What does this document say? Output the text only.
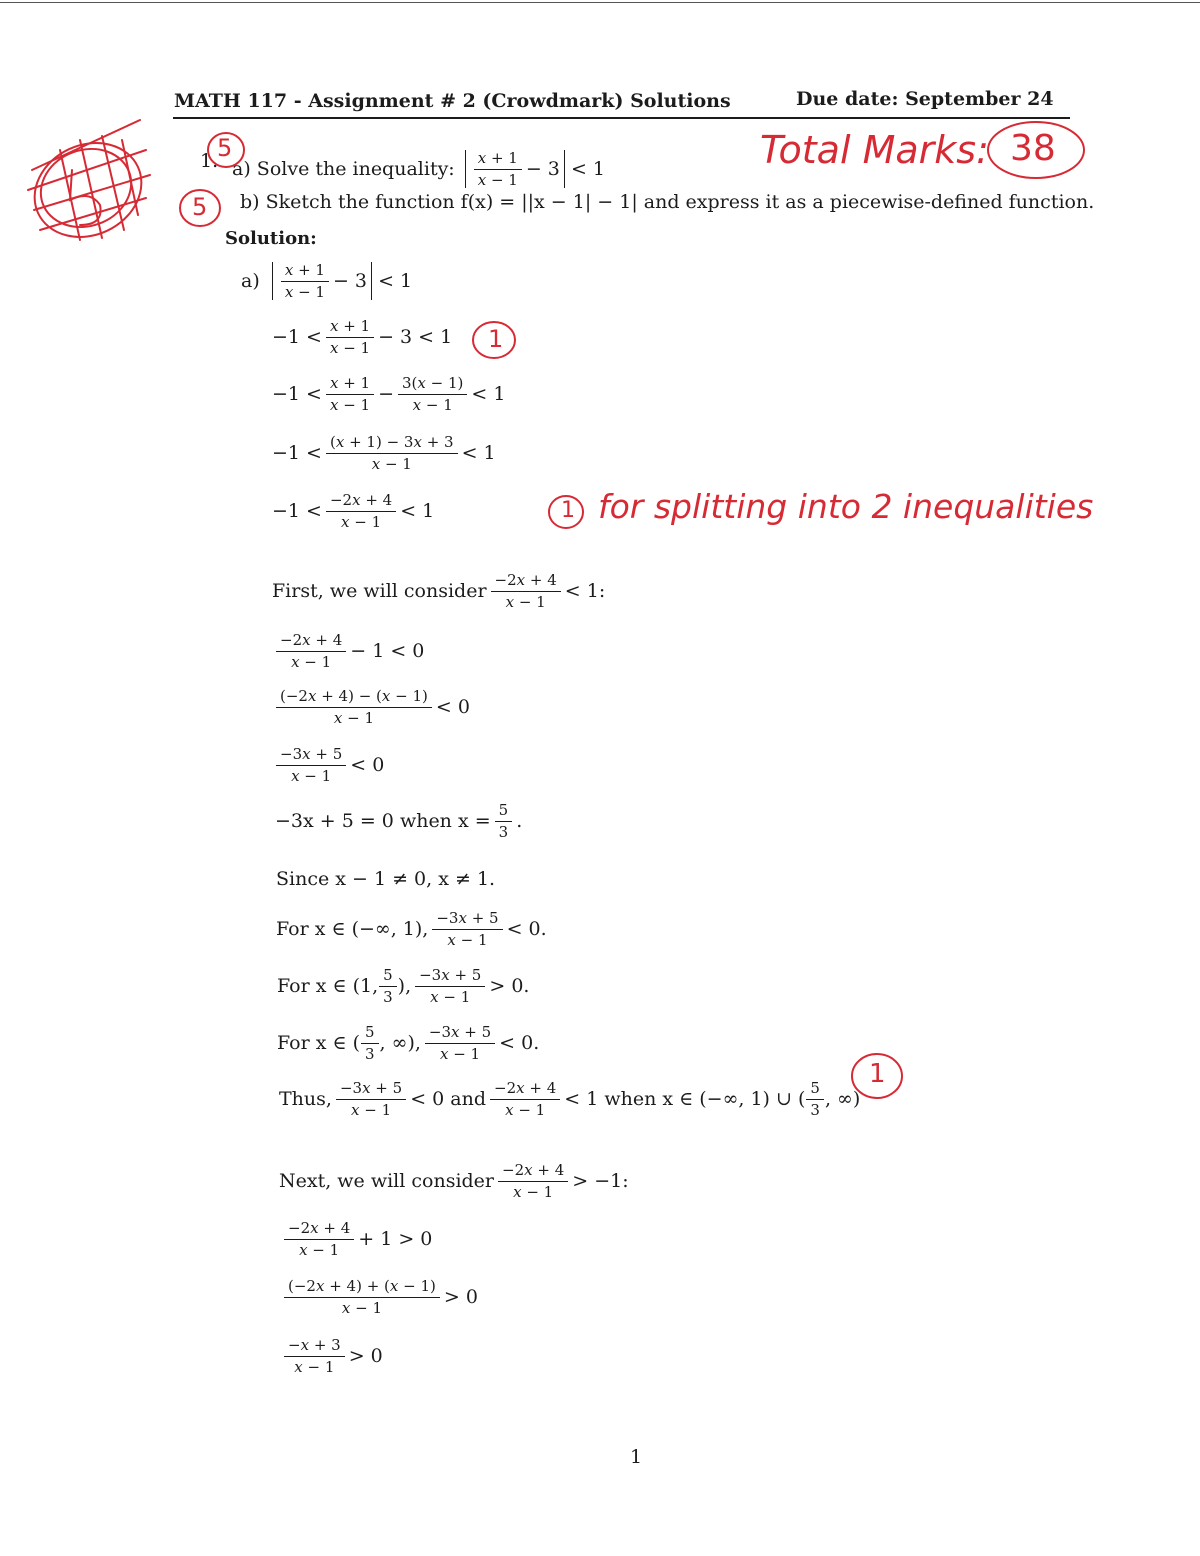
MATH 117 - Assignment # 2 (Crowdmark) Solutions	Due date: September 24
1. a)
Solve the inequality: $\frac{x + 1}{x - 1} - 3 < 1$
b) Sketch the function f(x) = ||x − 1| − 1| and express it as a piecewise-defined function.
Solution:
a)
$\frac{x + 1}{x - 1} - 3 < 1$
$-1 < \frac{x + 1}{x - 1} - 3 < 1$
$-1 < \frac{x + 1}{x - 1} - \frac{3(x - 1)}{x - 1} < 1$
$-1 < \frac{(x + 1) - 3x + 3}{x - 1} < 1$
$-1 < \frac{-2x + 4}{x - 1} < 1$
First, we will consider $\frac{-2x + 4}{x - 1} < 1$:
$\frac{-2x + 4}{x - 1} - 1 < 0$
$\frac{(-2x + 4) - (x - 1)}{x - 1} < 0$
$\frac{-3x + 5}{x - 1} < 0$
−3x + 5 = 0 when $x = \frac{5}{3}$ .
Since x − 1 ≠ 0, x ≠ 1.
For x ∈ (−∞, 1), $\frac{-3x + 5}{x - 1} < 0$.
For x ∈ (1, $\frac{5}{3}$ ), $\frac{-3x + 5}{x - 1} > 0$.
For x ∈ ( $\frac{5}{3}$ , ∞), $\frac{-3x + 5}{x - 1} < 0$.
Thus, $\frac{-3x + 5}{x - 1} < 0$ and $\frac{-2x + 4}{x - 1} < 1$ when x ∈ (−∞, 1) ∪ ( $\frac{5}{3}$ , ∞)
Next, we will consider $\frac{-2x + 4}{x - 1} > -1$:
$\frac{-2x + 4}{x - 1} + 1 > 0$
$\frac{(-2x + 4) + (x - 1)}{x - 1} > 0$
$\frac{-x + 3}{x - 1} > 0$
1
Total Marks: 38
5
5
1
1 for splitting into 2 inequalities
1
